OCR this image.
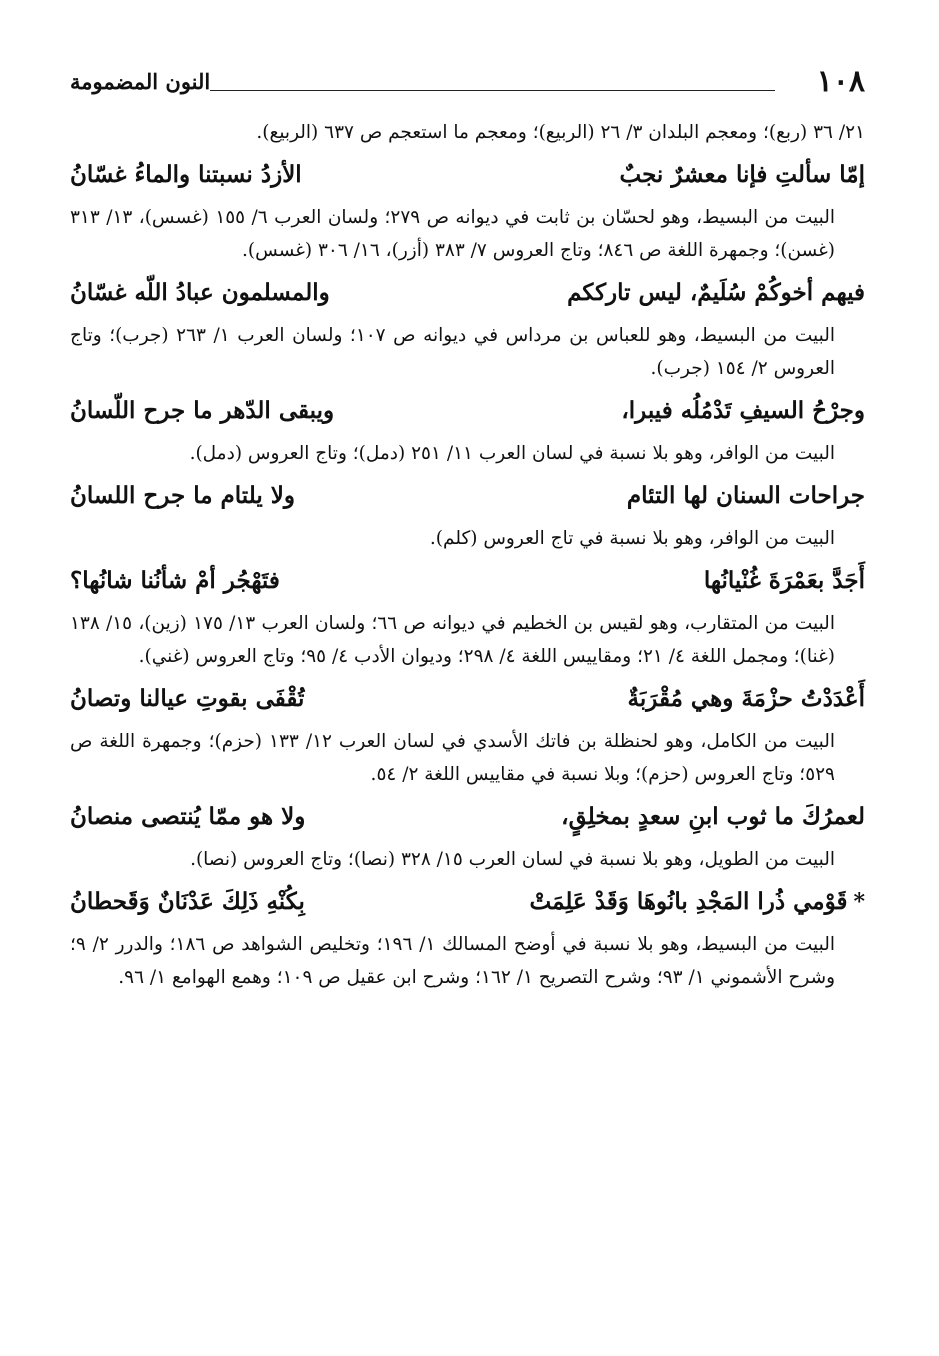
١٠٨
النون المضمومة

٢١/ ٣٦ (ربع)؛ ومعجم البلدان ٣/ ٢٦ (الربيع)؛ ومعجم ما استعجم ص ٦٣٧ (الربيع).

إمّا سألتِ فإنا معشرٌ نجبٌ
الأزدُ نسبتنا والماءُ غسّانُ

البيت من البسيط، وهو لحسّان بن ثابت في ديوانه ص ٢٧٩؛ ولسان العرب ٦/ ١٥٥ (غسس)، ١٣/ ٣١٣ (غسن)؛ وجمهرة اللغة ص ٨٤٦؛ وتاج العروس ٧/ ٣٨٣ (أزر)، ١٦/ ٣٠٦ (غسس).

فيهم أخوكُمْ سُلَيمٌ، ليس تارككم
والمسلمون عبادُ اللّه غسّانُ

البيت من البسيط، وهو للعباس بن مرداس في ديوانه ص ١٠٧؛ ولسان العرب ١/ ٢٦٣ (جرب)؛ وتاج العروس ٢/ ١٥٤ (جرب).

وجرْحُ السيفِ تَدْمُلُه فيبرا،
ويبقى الدّهر ما جرح اللّسانُ

البيت من الوافر، وهو بلا نسبة في لسان العرب ١١/ ٢٥١ (دمل)؛ وتاج العروس (دمل).

جراحات السنان لها التئام
ولا يلتام ما جرح اللسانُ

البيت من الوافر، وهو بلا نسبة في تاج العروس (كلم).

أَجَدَّ بعَمْرَةَ غُنْيانُها
فتَهْجُر أمْ شأنُنا شانُها؟

البيت من المتقارب، وهو لقيس بن الخطيم في ديوانه ص ٦٦؛ ولسان العرب ١٣/ ١٧٥ (زين)، ١٥/ ١٣٨ (غنا)؛ ومجمل اللغة ٤/ ٢١؛ ومقاييس اللغة ٤/ ٢٩٨؛ وديوان الأدب ٤/ ٩٥؛ وتاج العروس (غني).

أَعْدَدْتُ حزْمَةَ وهي مُقْرَبَةٌ
تُقْفَى بقوتِ عيالنا وتصانُ

البيت من الكامل، وهو لحنظلة بن فاتك الأسدي في لسان العرب ١٢/ ١٣٣ (حزم)؛ وجمهرة اللغة ص ٥٢٩؛ وتاج العروس (حزم)؛ وبلا نسبة في مقاييس اللغة ٢/ ٥٤.

لعمرُكَ ما ثوب ابنِ سعدٍ بمخلِقٍ،
ولا هو ممّا يُنتصى منصانُ

البيت من الطويل، وهو بلا نسبة في لسان العرب ١٥/ ٣٢٨ (نصا)؛ وتاج العروس (نصا).

*قَوْمي ذُرا المَجْدِ بانُوهَا وَقَدْ عَلِمَتْ
بِكُنْهِ ذَلِكَ عَدْنَانٌ وَقَحطانُ

البيت من البسيط، وهو بلا نسبة في أوضح المسالك ١/ ١٩٦؛ وتخليص الشواهد ص ١٨٦؛ والدرر ٢/ ٩؛ وشرح الأشموني ١/ ٩٣؛ وشرح التصريح ١/ ١٦٢؛ وشرح ابن عقيل ص ١٠٩؛ وهمع الهوامع ١/ ٩٦.
